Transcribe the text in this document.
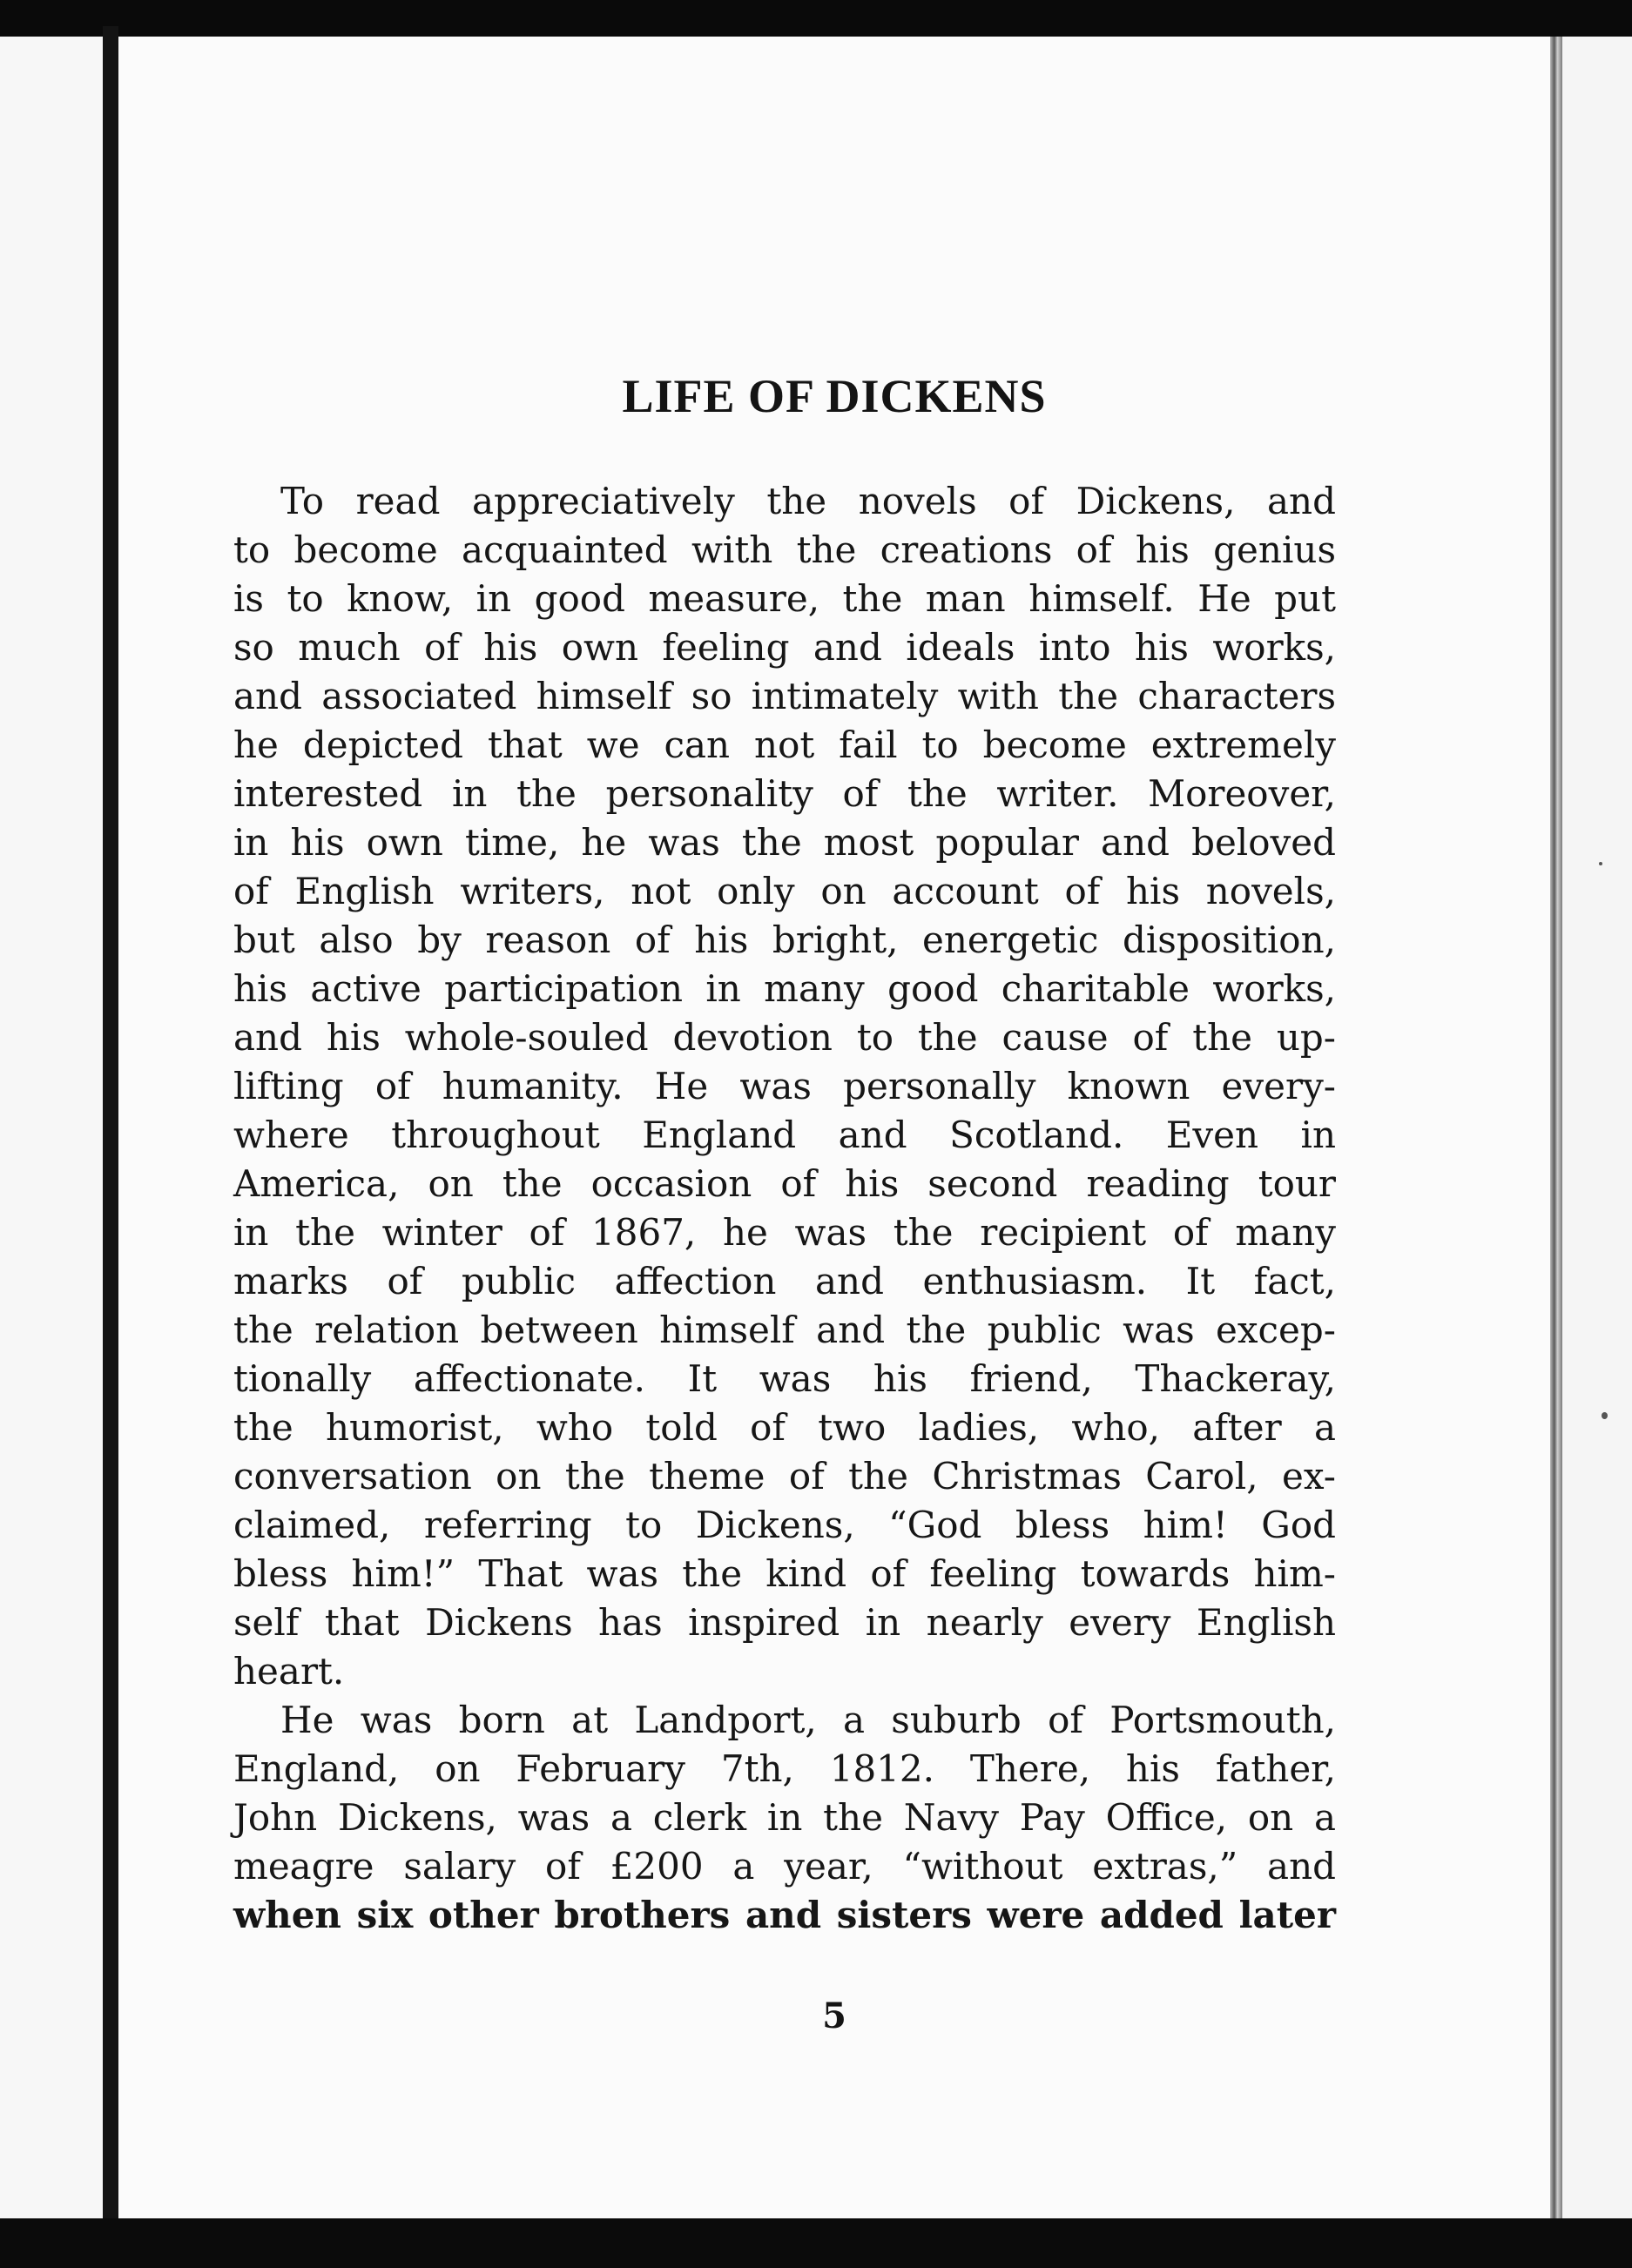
LIFE OF DICKENS
To read appreciatively the novels of Dickens, and
to become acquainted with the creations of his genius
is to know, in good measure, the man himself. He put
so much of his own feeling and ideals into his works,
and associated himself so intimately with the characters
he depicted that we can not fail to become extremely
interested in the personality of the writer. Moreover,
in his own time, he was the most popular and beloved
of English writers, not only on account of his novels,
but also by reason of his bright, energetic disposition,
his active participation in many good charitable works,
and his whole-souled devotion to the cause of the up-
lifting of humanity. He was personally known every-
where throughout England and Scotland. Even in
America, on the occasion of his second reading tour
in the winter of 1867, he was the recipient of many
marks of public affection and enthusiasm. It fact,
the relation between himself and the public was excep-
tionally affectionate. It was his friend, Thackeray,
the humorist, who told of two ladies, who, after a
conversation on the theme of the Christmas Carol, ex-
claimed, referring to Dickens, “God bless him! God
bless him!” That was the kind of feeling towards him-
self that Dickens has inspired in nearly every English
heart.
He was born at Landport, a suburb of Portsmouth,
England, on February 7th, 1812. There, his father,
John Dickens, was a clerk in the Navy Pay Office, on a
meagre salary of £200 a year, “without extras,” and
when six other brothers and sisters were added later
5
